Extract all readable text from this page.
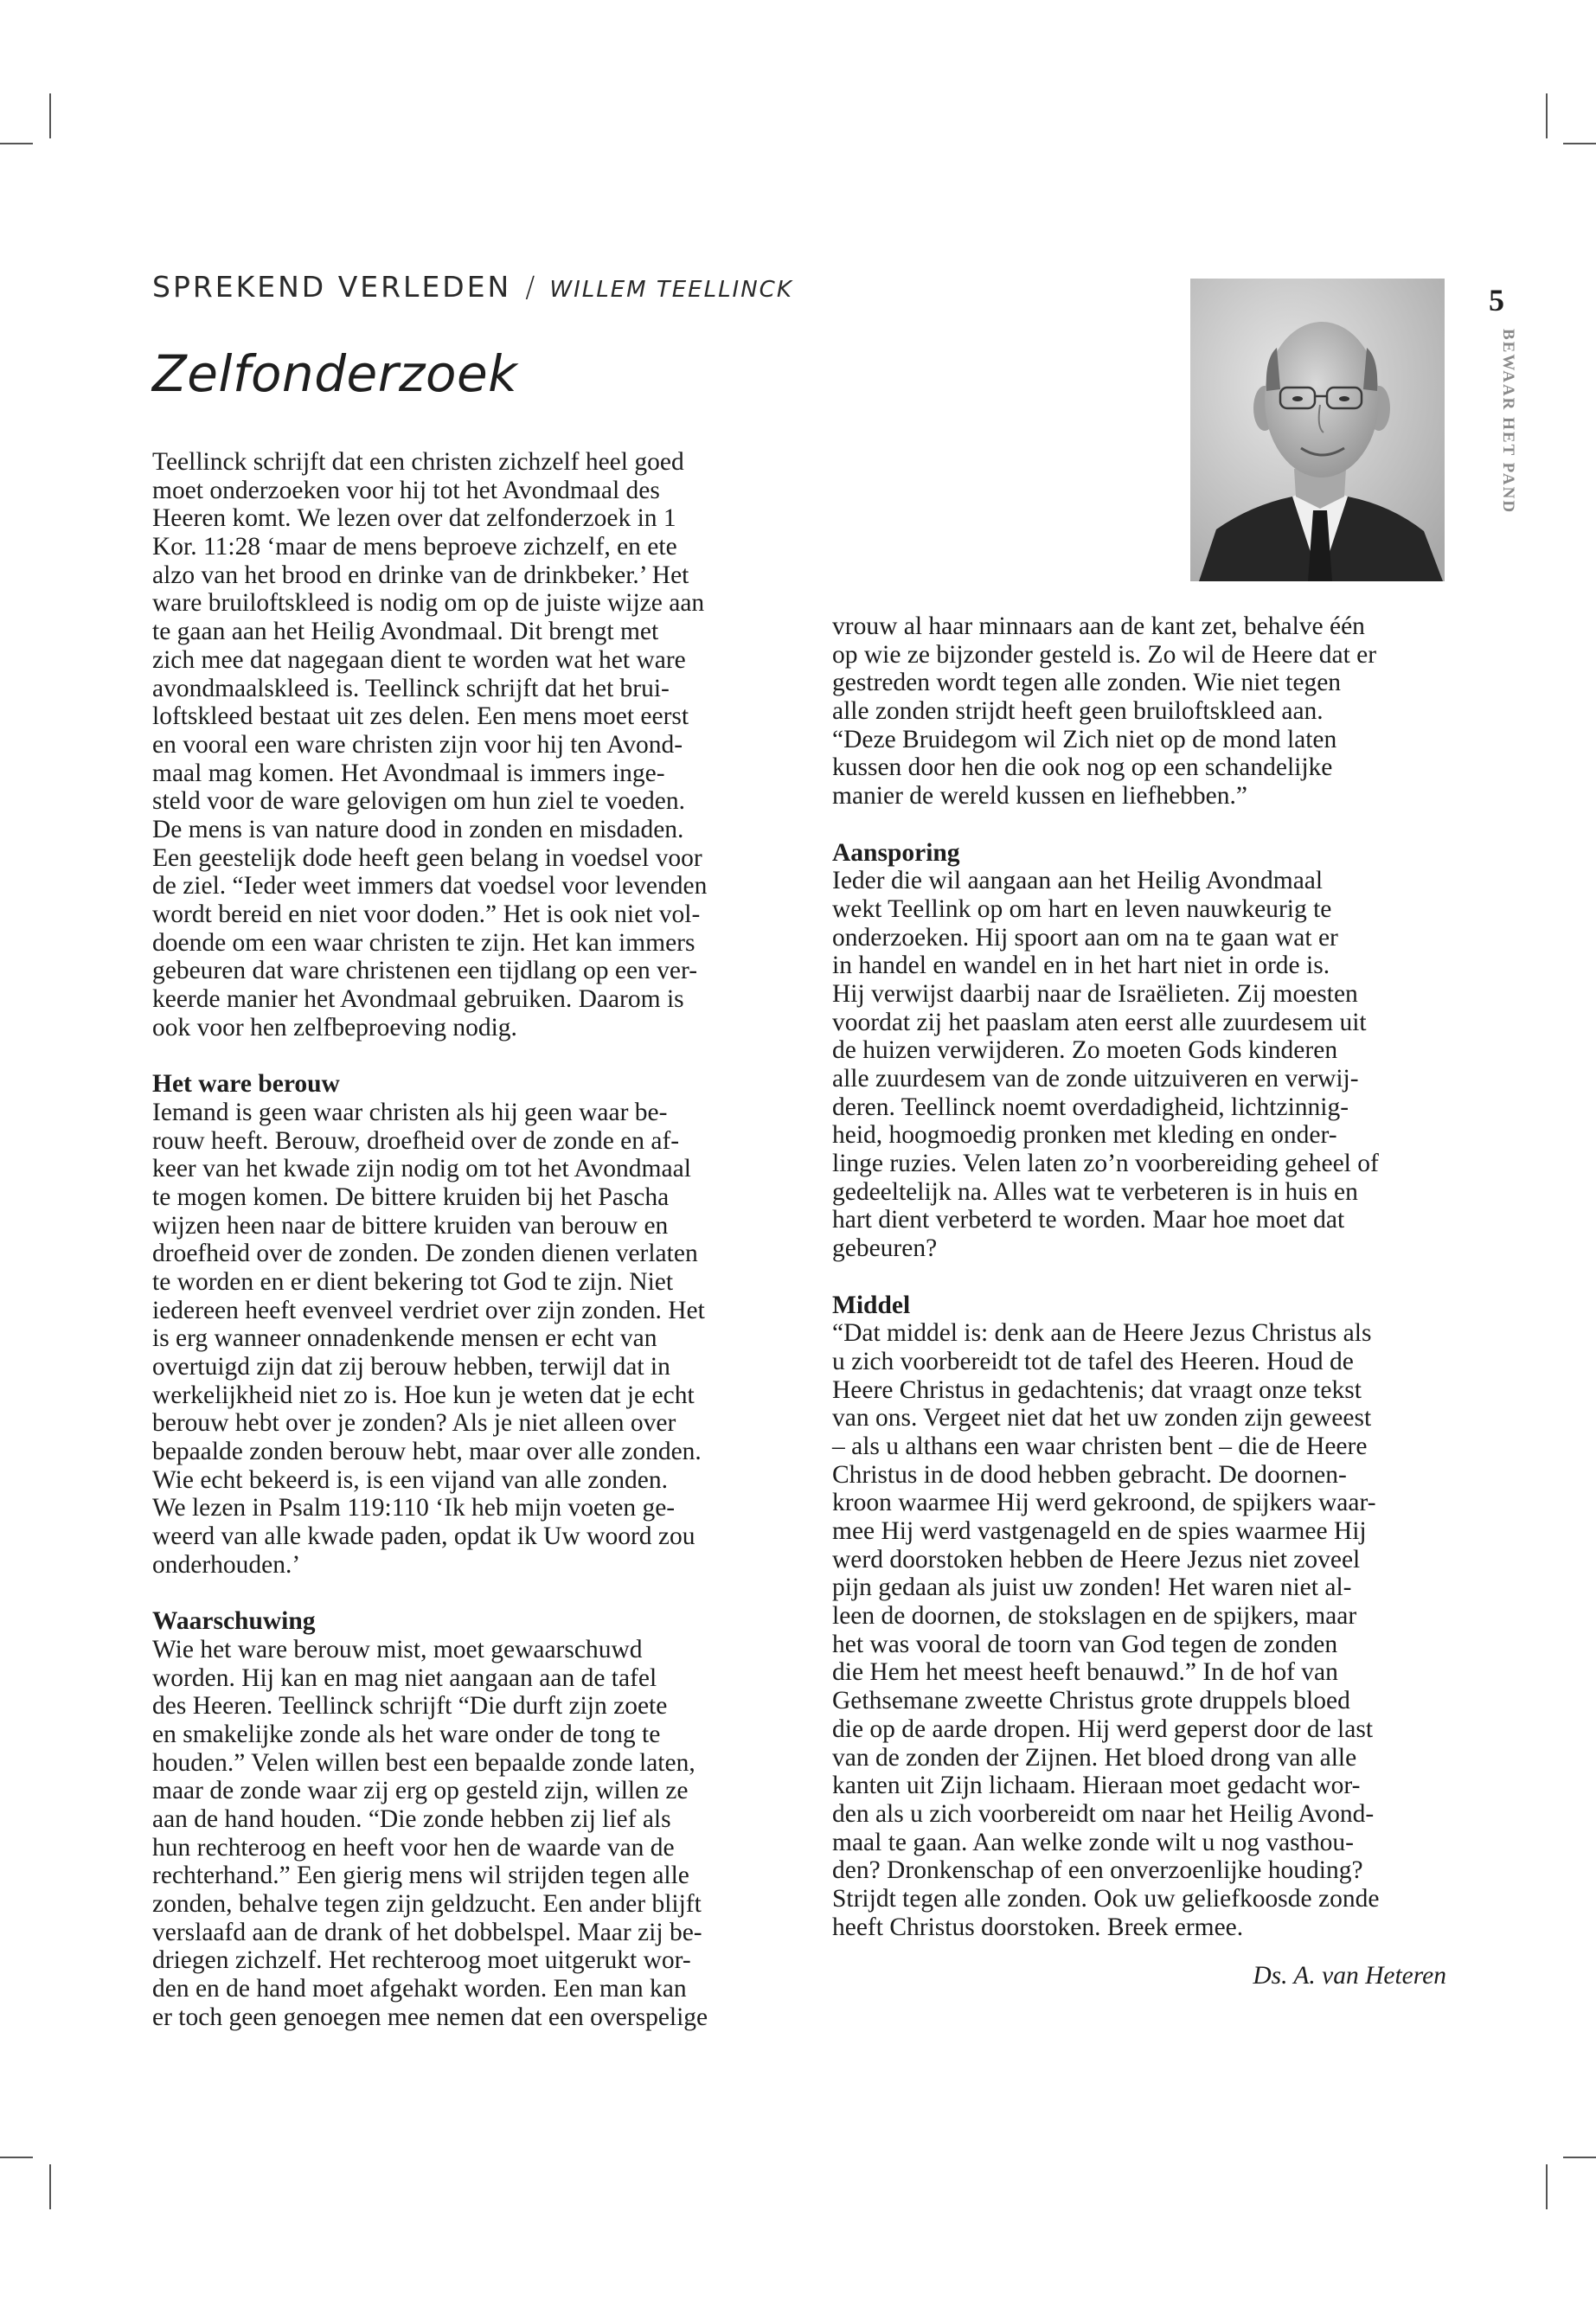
SPREKEND VERLEDEN / WILLEM TEELLINCK
Zelfonderzoek
5
BEWAAR HET PAND
Teellinck schrijft dat een christen zichzelf heel goed
moet onderzoeken voor hij tot het Avondmaal des
Heeren komt. We lezen over dat zelfonderzoek in 1
Kor. 11:28 ‘maar de mens beproeve zichzelf, en ete
alzo van het brood en drinke van de drinkbeker.’ Het
ware bruiloftskleed is nodig om op de juiste wijze aan
te gaan aan het Heilig Avondmaal. Dit brengt met
zich mee dat nagegaan dient te worden wat het ware
avondmaalskleed is. Teellinck schrijft dat het brui-
loftskleed bestaat uit zes delen. Een mens moet eerst
en vooral een ware christen zijn voor hij ten Avond-
maal mag komen. Het Avondmaal is immers inge-
steld voor de ware gelovigen om hun ziel te voeden.
De mens is van nature dood in zonden en misdaden.
Een geestelijk dode heeft geen belang in voedsel voor
de ziel. “Ieder weet immers dat voedsel voor levenden
wordt bereid en niet voor doden.” Het is ook niet vol-
doende om een waar christen te zijn. Het kan immers
gebeuren dat ware christenen een tijdlang op een ver-
keerde manier het Avondmaal gebruiken. Daarom is
ook voor hen zelfbeproeving nodig.
Het ware berouw
Iemand is geen waar christen als hij geen waar be-
rouw heeft. Berouw, droefheid over de zonde en af-
keer van het kwade zijn nodig om tot het Avondmaal
te mogen komen. De bittere kruiden bij het Pascha
wijzen heen naar de bittere kruiden van berouw en
droefheid over de zonden. De zonden dienen verlaten
te worden en er dient bekering tot God te zijn. Niet
iedereen heeft evenveel verdriet over zijn zonden. Het
is erg wanneer onnadenkende mensen er echt van
overtuigd zijn dat zij berouw hebben, terwijl dat in
werkelijkheid niet zo is. Hoe kun je weten dat je echt
berouw hebt over je zonden? Als je niet alleen over
bepaalde zonden berouw hebt, maar over alle zonden.
Wie echt bekeerd is, is een vijand van alle zonden.
We lezen in Psalm 119:110 ‘Ik heb mijn voeten ge-
weerd van alle kwade paden, opdat ik Uw woord zou
onderhouden.’
Waarschuwing
Wie het ware berouw mist, moet gewaarschuwd
worden. Hij kan en mag niet aangaan aan de tafel
des Heeren. Teellinck schrijft “Die durft zijn zoete
en smakelijke zonde als het ware onder de tong te
houden.” Velen willen best een bepaalde zonde laten,
maar de zonde waar zij erg op gesteld zijn, willen ze
aan de hand houden. “Die zonde hebben zij lief als
hun rechteroog en heeft voor hen de waarde van de
rechterhand.” Een gierig mens wil strijden tegen alle
zonden, behalve tegen zijn geldzucht. Een ander blijft
verslaafd aan de drank of het dobbelspel. Maar zij be-
driegen zichzelf. Het rechteroog moet uitgerukt wor-
den en de hand moet afgehakt worden. Een man kan
er toch geen genoegen mee nemen dat een overspelige
vrouw al haar minnaars aan de kant zet, behalve één
op wie ze bijzonder gesteld is. Zo wil de Heere dat er
gestreden wordt tegen alle zonden. Wie niet tegen
alle zonden strijdt heeft geen bruiloftskleed aan.
“Deze Bruidegom wil Zich niet op de mond laten
kussen door hen die ook nog op een schandelijke
manier de wereld kussen en liefhebben.”
Aansporing
Ieder die wil aangaan aan het Heilig Avondmaal
wekt Teellink op om hart en leven nauwkeurig te
onderzoeken. Hij spoort aan om na te gaan wat er
in handel en wandel en in het hart niet in orde is.
Hij verwijst daarbij naar de Israëlieten. Zij moesten
voordat zij het paaslam aten eerst alle zuurdesem uit
de huizen verwijderen. Zo moeten Gods kinderen
alle zuurdesem van de zonde uitzuiveren en verwij-
deren. Teellinck noemt overdadigheid, lichtzinnig-
heid, hoogmoedig pronken met kleding en onder-
linge ruzies. Velen laten zo’n voorbereiding geheel of
gedeeltelijk na. Alles wat te verbeteren is in huis en
hart dient verbeterd te worden. Maar hoe moet dat
gebeuren?
Middel
“Dat middel is: denk aan de Heere Jezus Christus als
u zich voorbereidt tot de tafel des Heeren. Houd de
Heere Christus in gedachtenis; dat vraagt onze tekst
van ons. Vergeet niet dat het uw zonden zijn geweest
– als u althans een waar christen bent – die de Heere
Christus in de dood hebben gebracht. De doornen-
kroon waarmee Hij werd gekroond, de spijkers waar-
mee Hij werd vastgenageld en de spies waarmee Hij
werd doorstoken hebben de Heere Jezus niet zoveel
pijn gedaan als juist uw zonden! Het waren niet al-
leen de doornen, de stokslagen en de spijkers, maar
het was vooral de toorn van God tegen de zonden
die Hem het meest heeft benauwd.” In de hof van
Gethsemane zweette Christus grote druppels bloed
die op de aarde dropen. Hij werd geperst door de last
van de zonden der Zijnen. Het bloed drong van alle
kanten uit Zijn lichaam. Hieraan moet gedacht wor-
den als u zich voorbereidt om naar het Heilig Avond-
maal te gaan. Aan welke zonde wilt u nog vasthou-
den? Dronkenschap of een onverzoenlijke houding?
Strijdt tegen alle zonden. Ook uw geliefkoosde zonde
heeft Christus doorstoken. Breek ermee.
Ds. A. van Heteren
